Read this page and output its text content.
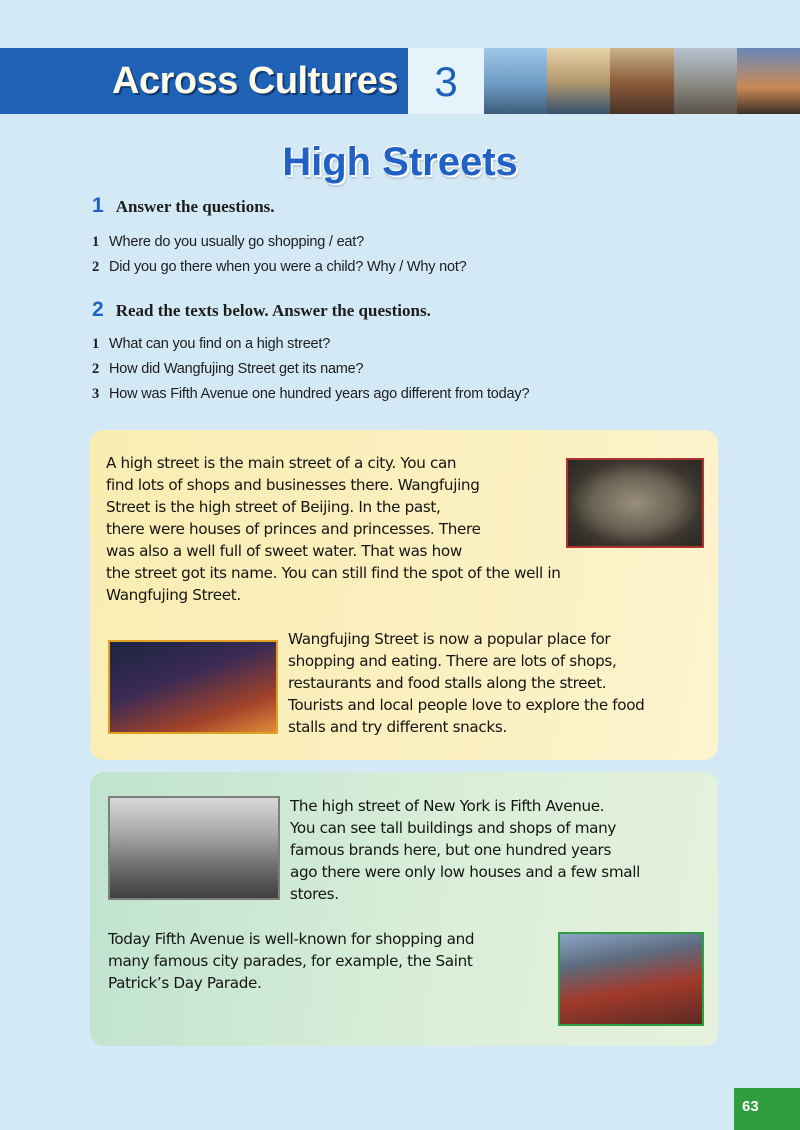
Across Cultures 3
High Streets
1 Answer the questions.
1 Where do you usually go shopping / eat?
2 Did you go there when you were a child? Why / Why not?
2 Read the texts below. Answer the questions.
1 What can you find on a high street?
2 How did Wangfujing Street get its name?
3 How was Fifth Avenue one hundred years ago different from today?
A high street is the main street of a city. You can
find lots of shops and businesses there. Wangfujing
Street is the high street of Beijing. In the past,
there were houses of princes and princesses. There
was also a well full of sweet water. That was how
the street got its name. You can still find the spot of the well in
Wangfujing Street.
Wangfujing Street is now a popular place for
shopping and eating. There are lots of shops,
restaurants and food stalls along the street.
Tourists and local people love to explore the food
stalls and try different snacks.
The high street of New York is Fifth Avenue.
You can see tall buildings and shops of many
famous brands here, but one hundred years
ago there were only low houses and a few small
stores.
Today Fifth Avenue is well-known for shopping and
many famous city parades, for example, the Saint
Patrick’s Day Parade.
63
